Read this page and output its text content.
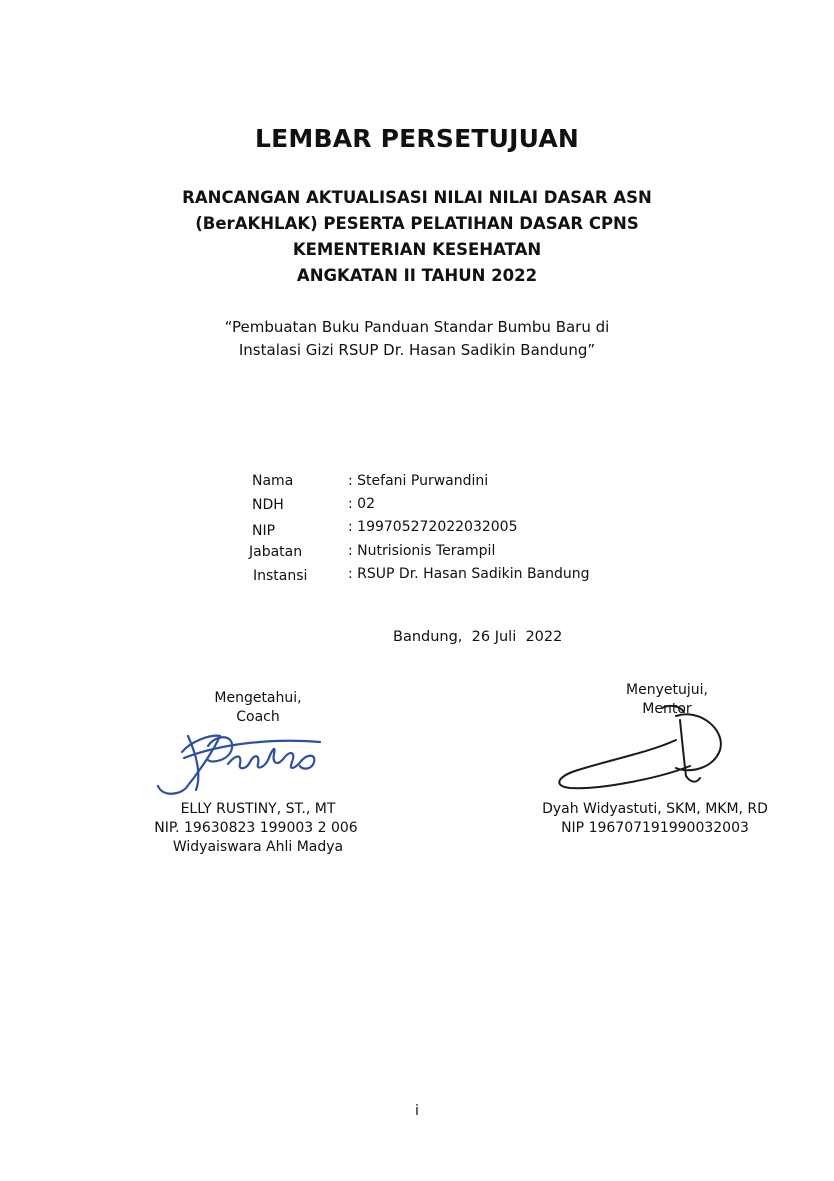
LEMBAR PERSETUJUAN
RANCANGAN AKTUALISASI NILAI NILAI DASAR ASN
(BerAKHLAK) PESERTA PELATIHAN DASAR CPNS
KEMENTERIAN KESEHATAN
ANGKATAN II TAHUN 2022
“Pembuatan Buku Panduan Standar Bumbu Baru di
Instalasi Gizi RSUP Dr. Hasan Sadikin Bandung”
Nama	: Stefani Purwandini
NDH	: 02
NIP	: 199705272022032005
Jabatan	: Nutrisionis Terampil
Instansi	: RSUP Dr. Hasan Sadikin Bandung
Bandung,  26 Juli  2022
Mengetahui,
Coach
ELLY RUSTINY, ST., MT
NIP. 19630823 199003 2 006
Widyaiswara Ahli Madya
Menyetujui,
Mentor
Dyah Widyastuti, SKM, MKM, RD
NIP 196707191990032003
i
